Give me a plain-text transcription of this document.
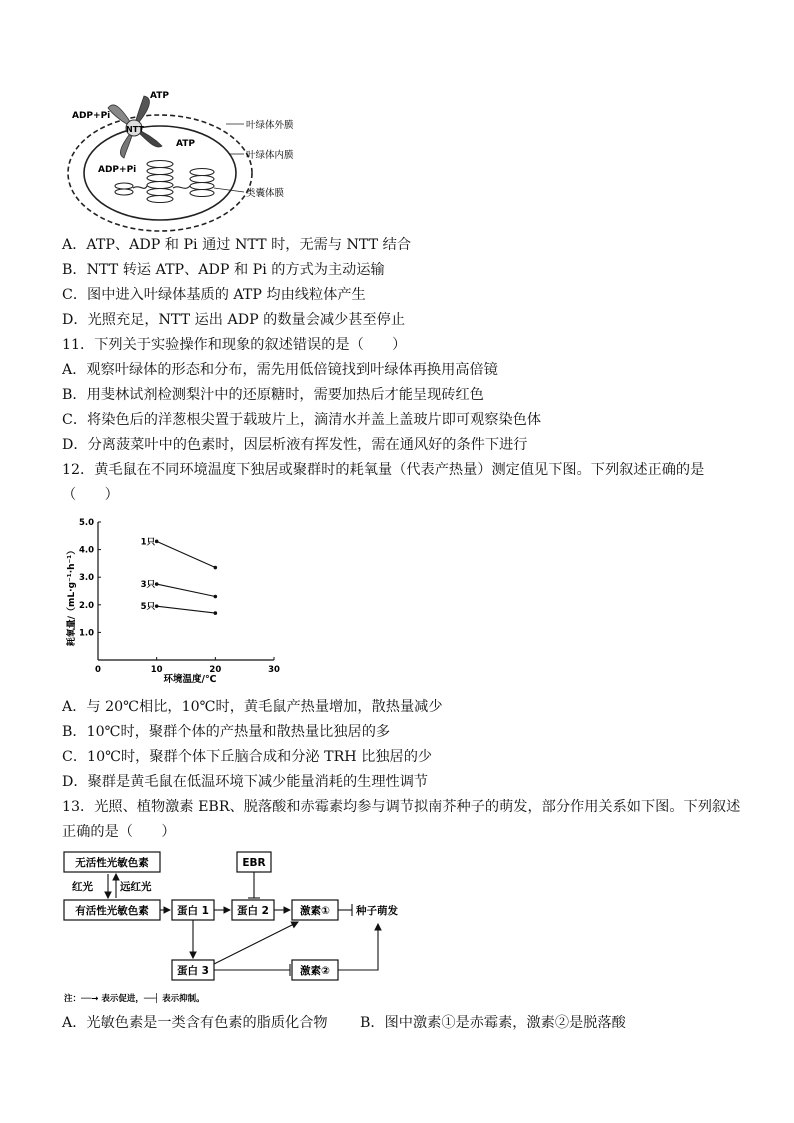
NTT
ATP
ADP+Pi
ATP
ADP+Pi
叶绿体外膜
叶绿体内膜
类囊体膜
A．ATP、ADP 和 Pi 通过 NTT 时，无需与 NTT 结合
B．NTT 转运 ATP、ADP 和 Pi 的方式为主动运输
C．图中进入叶绿体基质的 ATP 均由线粒体产生
D．光照充足，NTT 运出 ADP 的数量会减少甚至停止
11．下列关于实验操作和现象的叙述错误的是（　　）
A．观察叶绿体的形态和分布，需先用低倍镜找到叶绿体再换用高倍镜
B．用斐林试剂检测梨汁中的还原糖时，需要加热后才能呈现砖红色
C．将染色后的洋葱根尖置于载玻片上，滴清水并盖上盖玻片即可观察染色体
D．分离菠菜叶中的色素时，因层析液有挥发性，需在通风好的条件下进行
12．黄毛鼠在不同环境温度下独居或聚群时的耗氧量（代表产热量）测定值见下图。下列叙述正确的是
（　　）
0	10	20	30
1.0
2.0
3.0
4.0
5.0
1只
3只
5只
耗氧量/（mL·g⁻¹·h⁻¹）
环境温度/℃
A．与 20℃相比，10℃时，黄毛鼠产热量增加，散热量减少
B．10℃时，聚群个体的产热量和散热量比独居的多
C．10℃时，聚群个体下丘脑合成和分泌 TRH 比独居的少
D．聚群是黄毛鼠在低温环境下减少能量消耗的生理性调节
13．光照、植物激素 EBR、脱落酸和赤霉素均参与调节拟南芥种子的萌发，部分作用关系如下图。下列叙述
正确的是（　　）
无活性光敏色素
有活性光敏色素
红光	远红光
蛋白 1	蛋白 2
EBR
激素①
蛋白 3	激素②
种子萌发
注：──→ 表示促进，──┤ 表示抑制。
A．光敏色素是一类含有色素的脂质化合物 B．图中激素①是赤霉素，激素②是脱落酸
